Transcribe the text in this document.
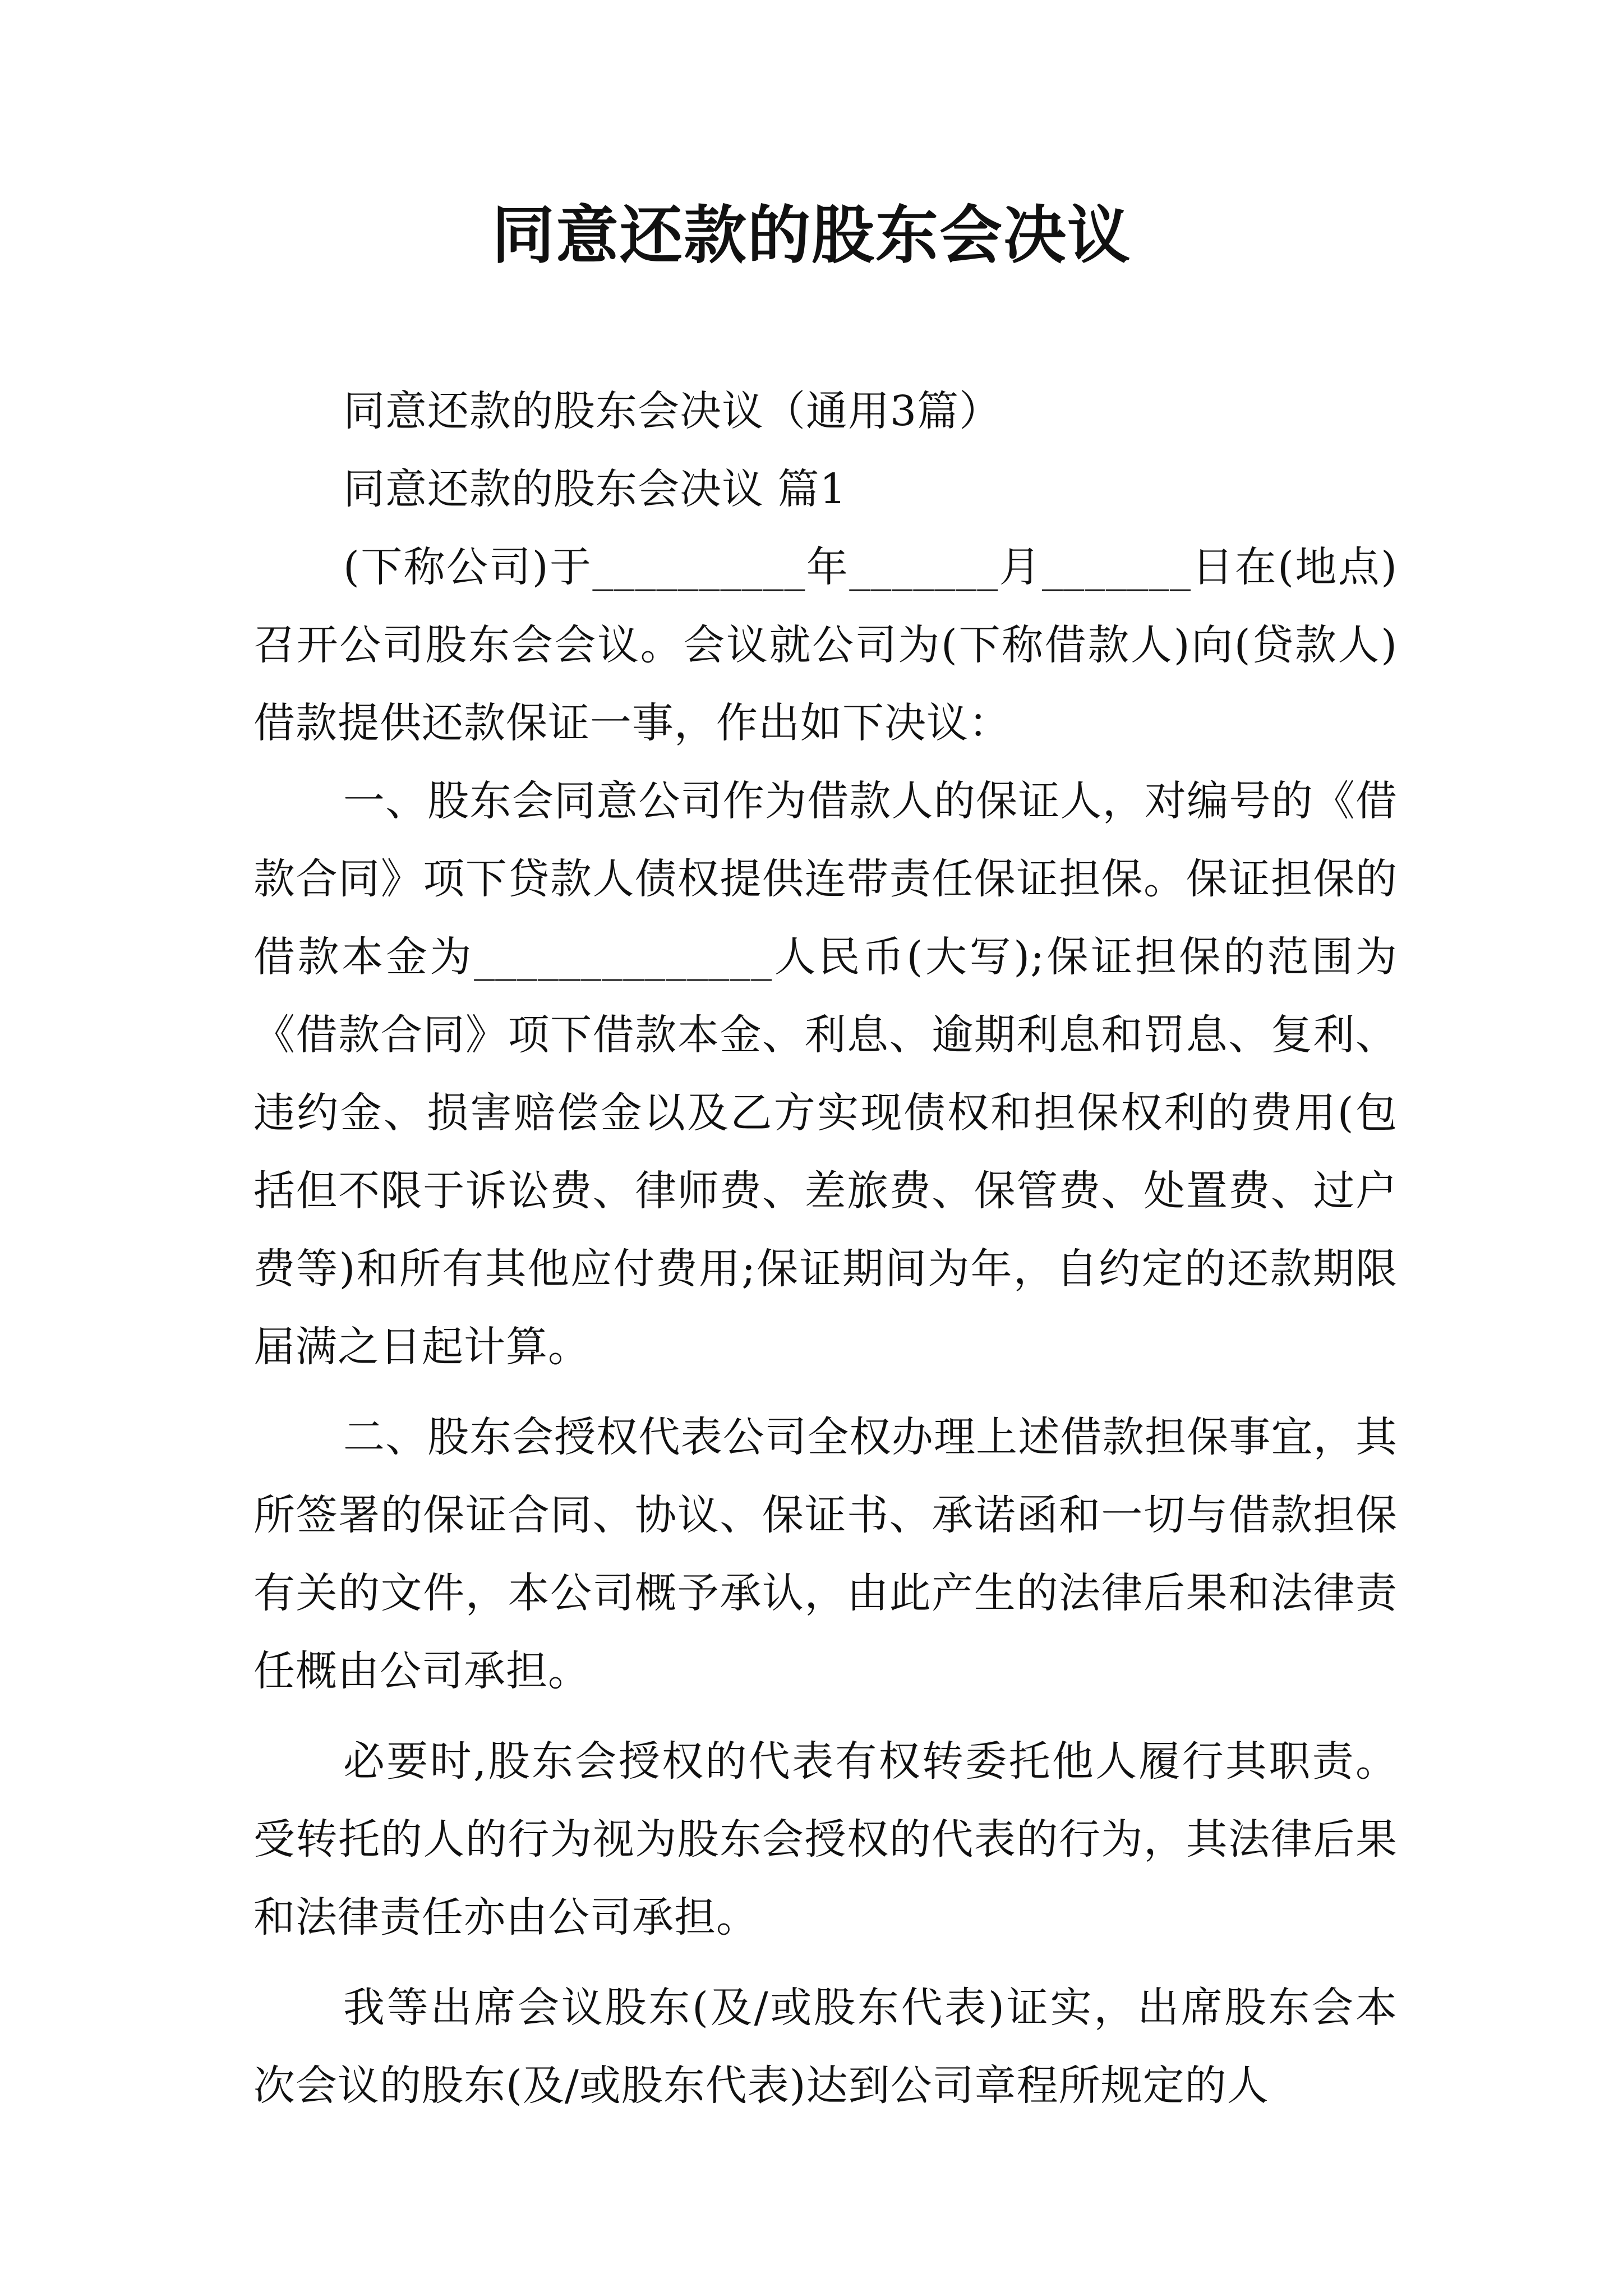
同意还款的股东会决议

同意还款的股东会决议（通用3篇）

同意还款的股东会决议 篇1

(下称公司)于__________年_______月_______日在(地点)召开公司股东会会议。会议就公司为(下称借款人)向(贷款人)借款提供还款保证一事，作出如下决议：

一、股东会同意公司作为借款人的保证人，对编号的《借款合同》项下贷款人债权提供连带责任保证担保。保证担保的借款本金为______________人民币(大写);保证担保的范围为《借款合同》项下借款本金、利息、逾期利息和罚息、复利、违约金、损害赔偿金以及乙方实现债权和担保权利的费用(包括但不限于诉讼费、律师费、差旅费、保管费、处置费、过户费等)和所有其他应付费用;保证期间为年，自约定的还款期限届满之日起计算。

二、股东会授权代表公司全权办理上述借款担保事宜，其所签署的保证合同、协议、保证书、承诺函和一切与借款担保有关的文件，本公司概予承认，由此产生的法律后果和法律责任概由公司承担。

必要时,股东会授权的代表有权转委托他人履行其职责。受转托的人的行为视为股东会授权的代表的行为，其法律后果和法律责任亦由公司承担。

我等出席会议股东(及/或股东代表)证实，出席股东会本次会议的股东(及/或股东代表)达到公司章程所规定的人
